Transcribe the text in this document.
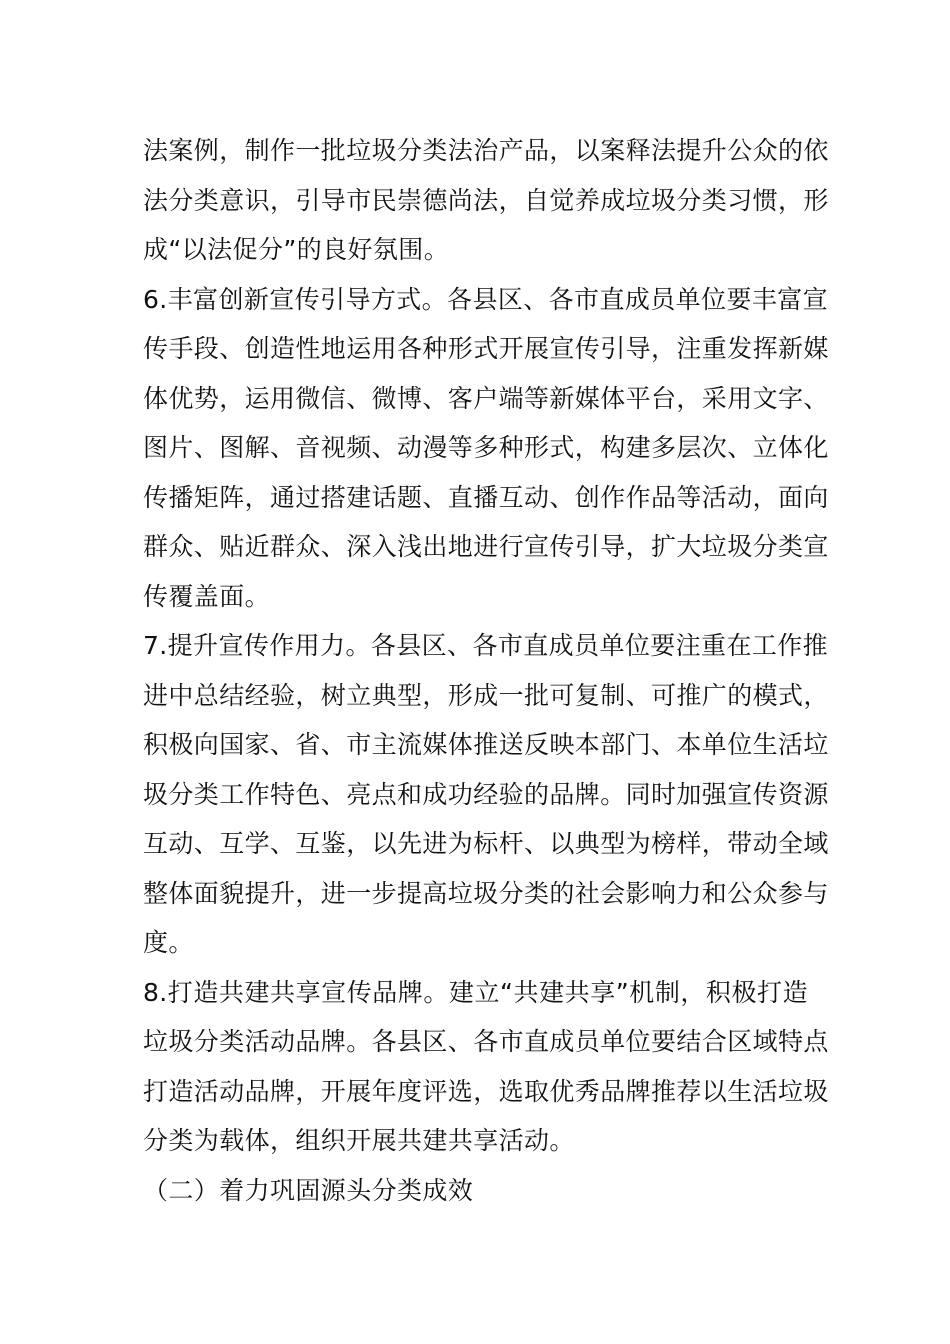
法案例，制作一批垃圾分类法治产品，以案释法提升公众的依
法分类意识，引导市民崇德尚法，自觉养成垃圾分类习惯，形
成“以法促分”的良好氛围。
6.丰富创新宣传引导方式。各县区、各市直成员单位要丰富宣
传手段、创造性地运用各种形式开展宣传引导，注重发挥新媒
体优势，运用微信、微博、客户端等新媒体平台，采用文字、
图片、图解、音视频、动漫等多种形式，构建多层次、立体化
传播矩阵，通过搭建话题、直播互动、创作作品等活动，面向
群众、贴近群众、深入浅出地进行宣传引导，扩大垃圾分类宣
传覆盖面。
7.提升宣传作用力。各县区、各市直成员单位要注重在工作推
进中总结经验，树立典型，形成一批可复制、可推广的模式，
积极向国家、省、市主流媒体推送反映本部门、本单位生活垃
圾分类工作特色、亮点和成功经验的品牌。同时加强宣传资源
互动、互学、互鉴，以先进为标杆、以典型为榜样，带动全域
整体面貌提升，进一步提高垃圾分类的社会影响力和公众参与
度。
8.打造共建共享宣传品牌。建立“共建共享”机制，积极打造
垃圾分类活动品牌。各县区、各市直成员单位要结合区域特点
打造活动品牌，开展年度评选，选取优秀品牌推荐以生活垃圾
分类为载体，组织开展共建共享活动。
（二）着力巩固源头分类成效
